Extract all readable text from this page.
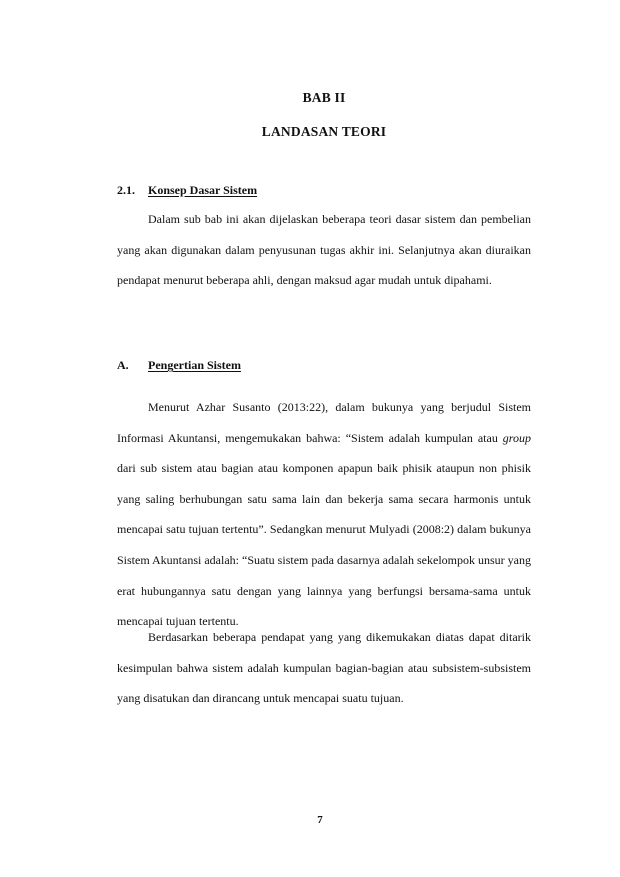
BAB II
LANDASAN TEORI
2.1. Konsep Dasar Sistem

Dalam sub bab ini akan dijelaskan beberapa teori dasar sistem dan pembelian yang akan digunakan dalam penyusunan tugas akhir ini. Selanjutnya akan diuraikan pendapat menurut beberapa ahli, dengan maksud agar mudah untuk dipahami.

A. Pengertian Sistem

Menurut Azhar Susanto (2013:22), dalam bukunya yang berjudul Sistem Informasi Akuntansi, mengemukakan bahwa: “Sistem adalah kumpulan atau group dari sub sistem atau bagian atau komponen apapun baik phisik ataupun non phisik yang saling berhubungan satu sama lain dan bekerja sama secara harmonis untuk mencapai satu tujuan tertentu”. Sedangkan menurut Mulyadi (2008:2) dalam bukunya Sistem Akuntansi adalah: “Suatu sistem pada dasarnya adalah sekelompok unsur yang erat hubungannya satu dengan yang lainnya yang berfungsi bersama-sama untuk mencapai tujuan tertentu.

Berdasarkan beberapa pendapat yang yang dikemukakan diatas dapat ditarik kesimpulan bahwa sistem adalah kumpulan bagian-bagian atau subsistem-subsistem yang disatukan dan dirancang untuk mencapai suatu tujuan.

7
